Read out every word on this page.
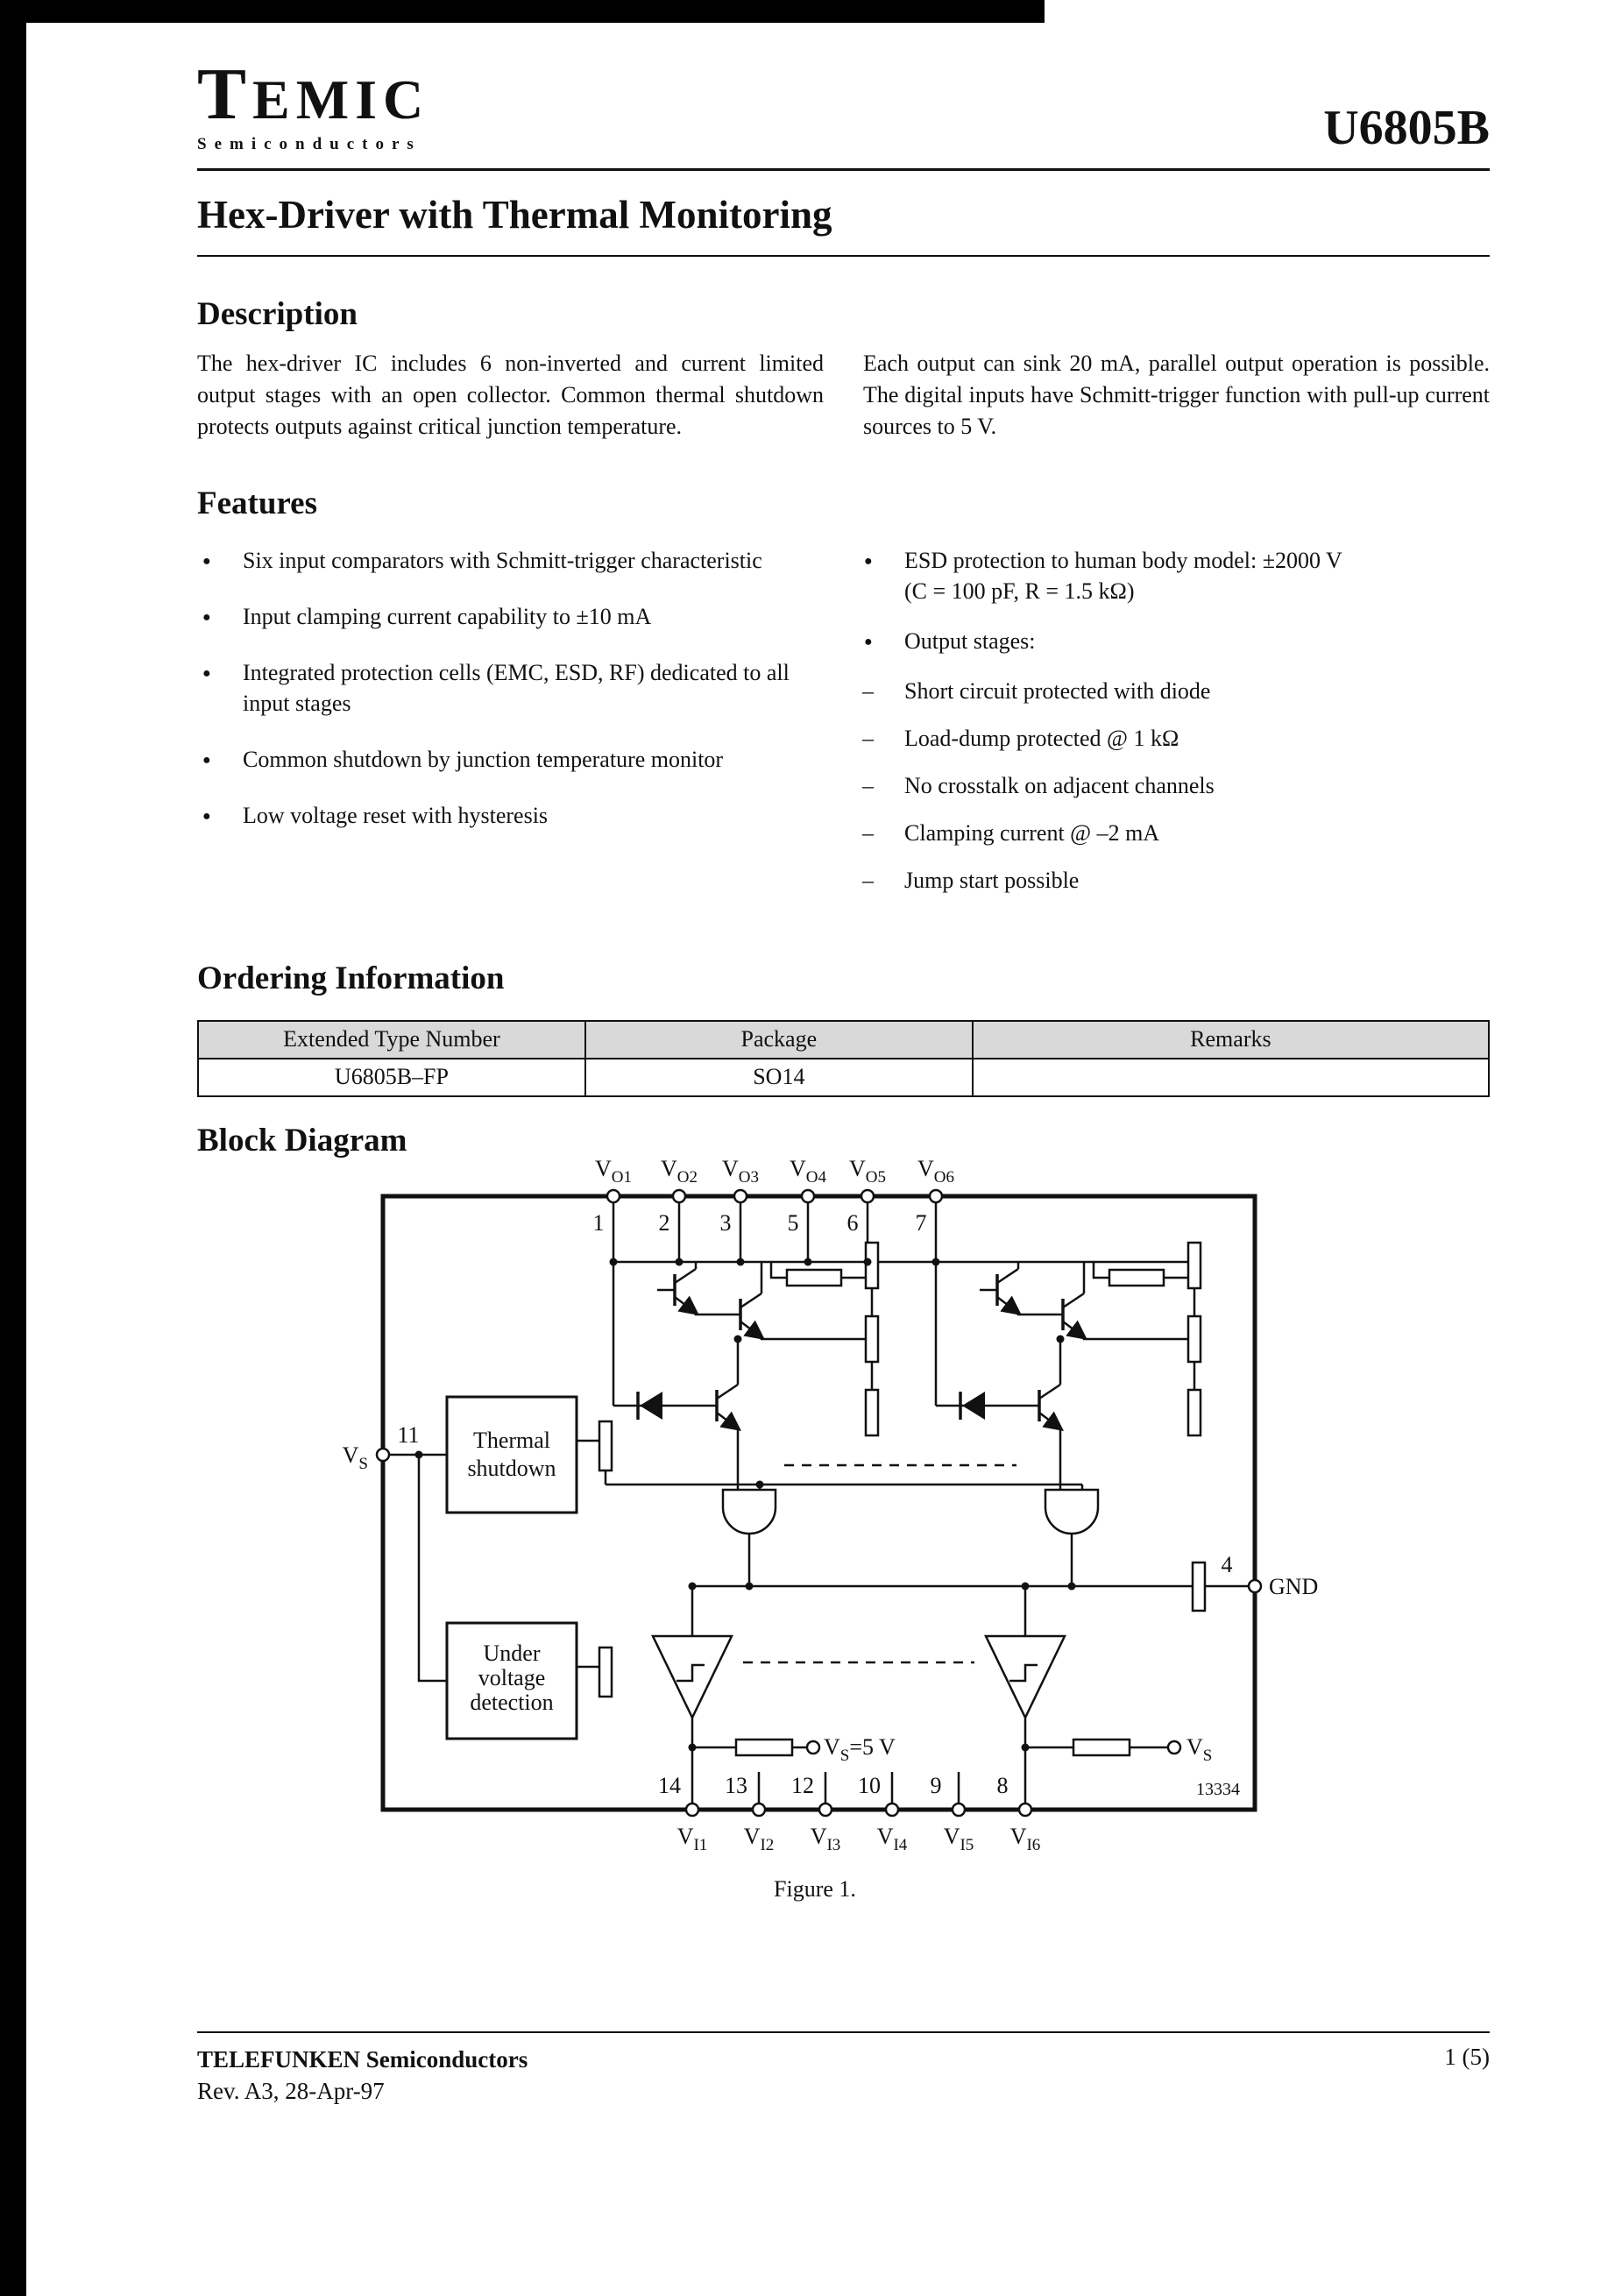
TEMIC
Semiconductors	U6805B
Hex-Driver with Thermal Monitoring
Description
The hex-driver IC includes 6 non-inverted and current limited output stages with an open collector. Common thermal shutdown protects outputs against critical junction temperature.
Each output can sink 20 mA, parallel output operation is possible. The digital inputs have Schmitt-trigger function with pull-up current sources to 5 V.
Features
● Six input comparators with Schmitt-trigger characteristic
● Input clamping current capability to ±10 mA
● Integrated protection cells (EMC, ESD, RF) dedicated to all input stages
● Common shutdown by junction temperature monitor
● Low voltage reset with hysteresis
● ESD protection to human body model: ±2000 V (C = 100 pF, R = 1.5 kΩ)
● Output stages:
– Short circuit protected with diode
– Load-dump protected @ 1 kΩ
– No crosstalk on adjacent channels
– Clamping current @ –2 mA
– Jump start possible
Ordering Information
Extended Type Number	Package	Remarks
U6805B–FP	SO14	
Block Diagram
Thermal
shutdown
Under
voltage
detection
$V_{O1}$ $V_{O2}$ $V_{O3}$ $V_{O4}$ $V_{O5}$ $V_{O6}$
1 2 3 5 6	7
14 13 12 10 9 8
$V_{I1}$ $V_{I2}$ $V_{I3}$ $V_{I4}$ $V_{I5}$ $V_{I6}$
$V_S$
11
4
GND
$V_S=5$ V	$V_S$
13334
Figure 1.
TELEFUNKEN Semiconductors
Rev. A3, 28-Apr-97
1 (5)
